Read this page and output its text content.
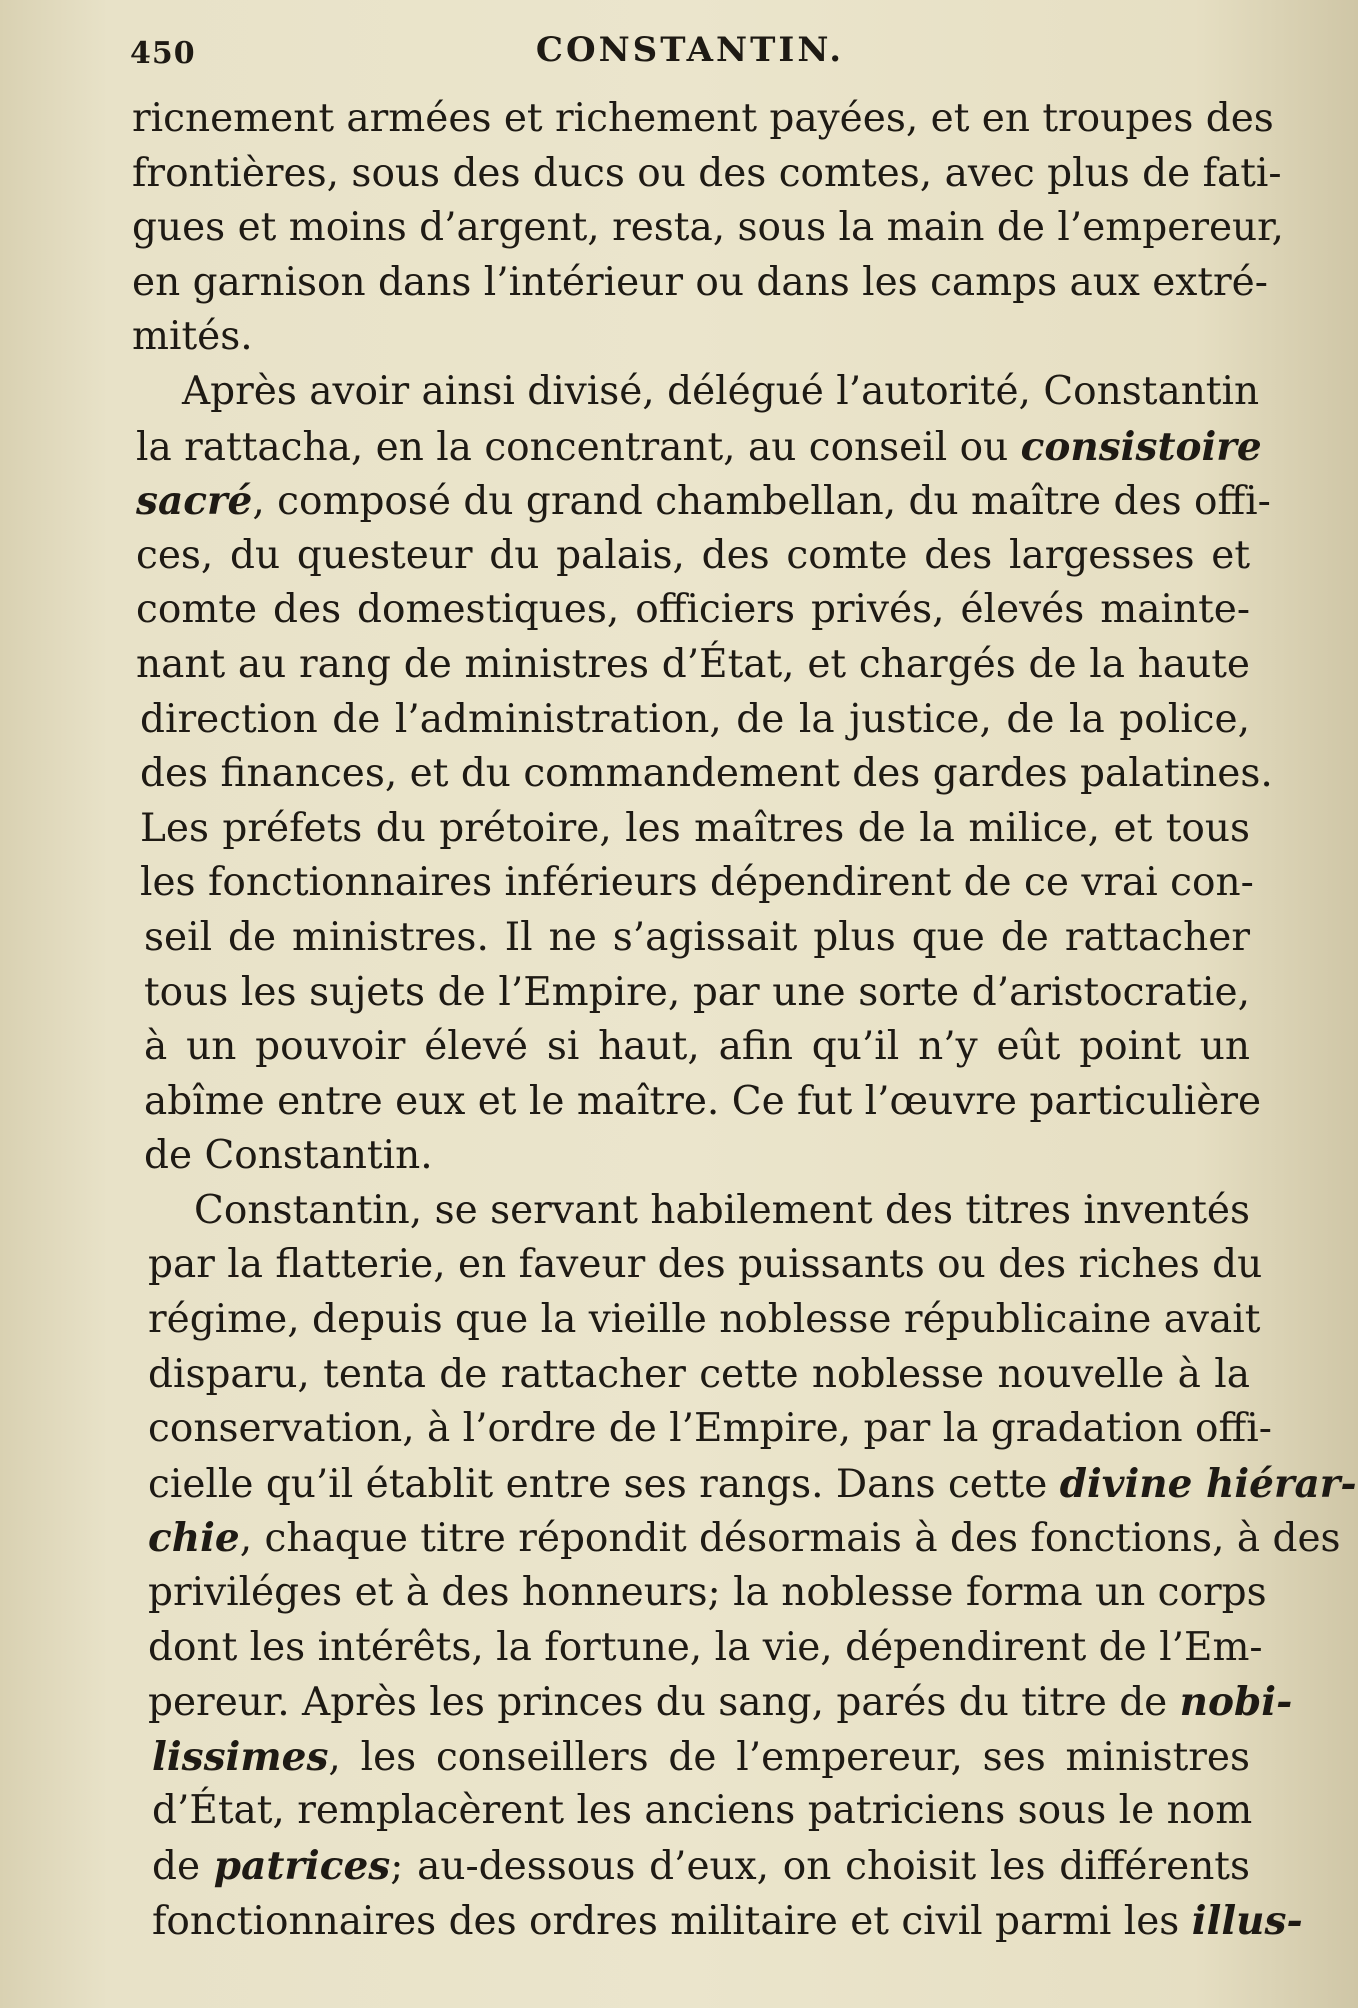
450	CONSTANTIN.
ricnement armées et richement payées, et en troupes des
frontières, sous des ducs ou des comtes, avec plus de fati-
gues et moins d’argent, resta, sous la main de l’empereur,
en garnison dans l’intérieur ou dans les camps aux extré-
mités.
Après avoir ainsi divisé, délégué l’autorité, Constantin
la rattacha, en la concentrant, au conseil ou consistoire
sacré, composé du grand chambellan, du maître des offi-
ces, du questeur du palais, des comte des largesses et
comte des domestiques, officiers privés, élevés mainte-
nant au rang de ministres d’État, et chargés de la haute
direction de l’administration, de la justice, de la police,
des finances, et du commandement des gardes palatines.
Les préfets du prétoire, les maîtres de la milice, et tous
les fonctionnaires inférieurs dépendirent de ce vrai con-
seil de ministres. Il ne s’agissait plus que de rattacher
tous les sujets de l’Empire, par une sorte d’aristocratie,
à un pouvoir élevé si haut, afin qu’il n’y eût point un
abîme entre eux et le maître. Ce fut l’œuvre particulière
de Constantin.
Constantin, se servant habilement des titres inventés
par la flatterie, en faveur des puissants ou des riches du
régime, depuis que la vieille noblesse républicaine avait
disparu, tenta de rattacher cette noblesse nouvelle à la
conservation, à l’ordre de l’Empire, par la gradation offi-
cielle qu’il établit entre ses rangs. Dans cette divine hiérar-
chie, chaque titre répondit désormais à des fonctions, à des
priviléges et à des honneurs; la noblesse forma un corps
dont les intérêts, la fortune, la vie, dépendirent de l’Em-
pereur. Après les princes du sang, parés du titre de nobi-
lissimes, les conseillers de l’empereur, ses ministres
d’État, remplacèrent les anciens patriciens sous le nom
de patrices; au-dessous d’eux, on choisit les différents
fonctionnaires des ordres militaire et civil parmi les illus-
